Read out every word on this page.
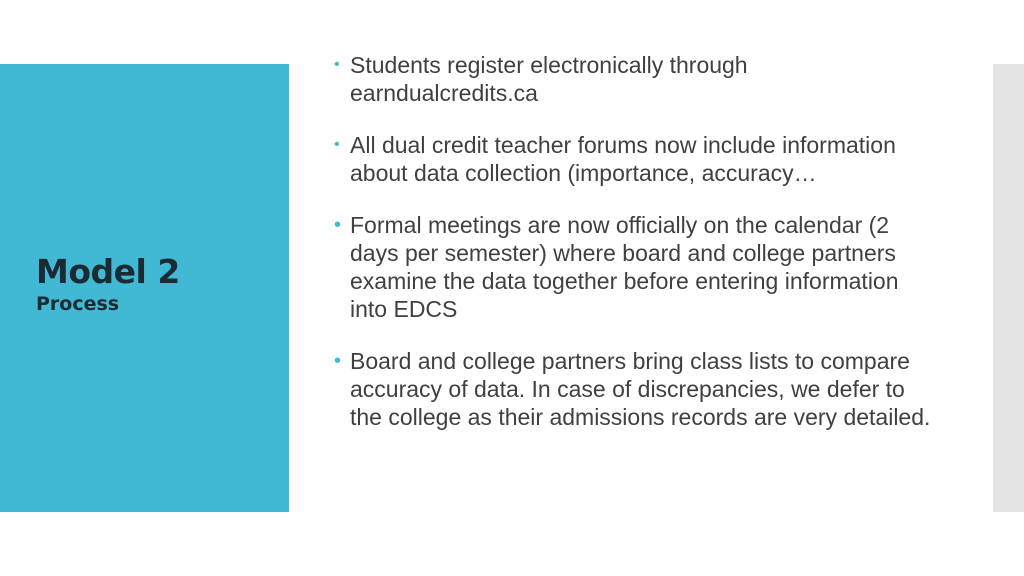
Model 2
Process
• Students register electronically through earndualcredits.ca
• All dual credit teacher forums now include information about data collection (importance, accuracy…
• Formal meetings are now officially on the calendar (2 days per semester) where board and college partners examine the data together before entering information into EDCS
• Board and college partners bring class lists to compare accuracy of data. In case of discrepancies, we defer to the college as their admissions records are very detailed.
